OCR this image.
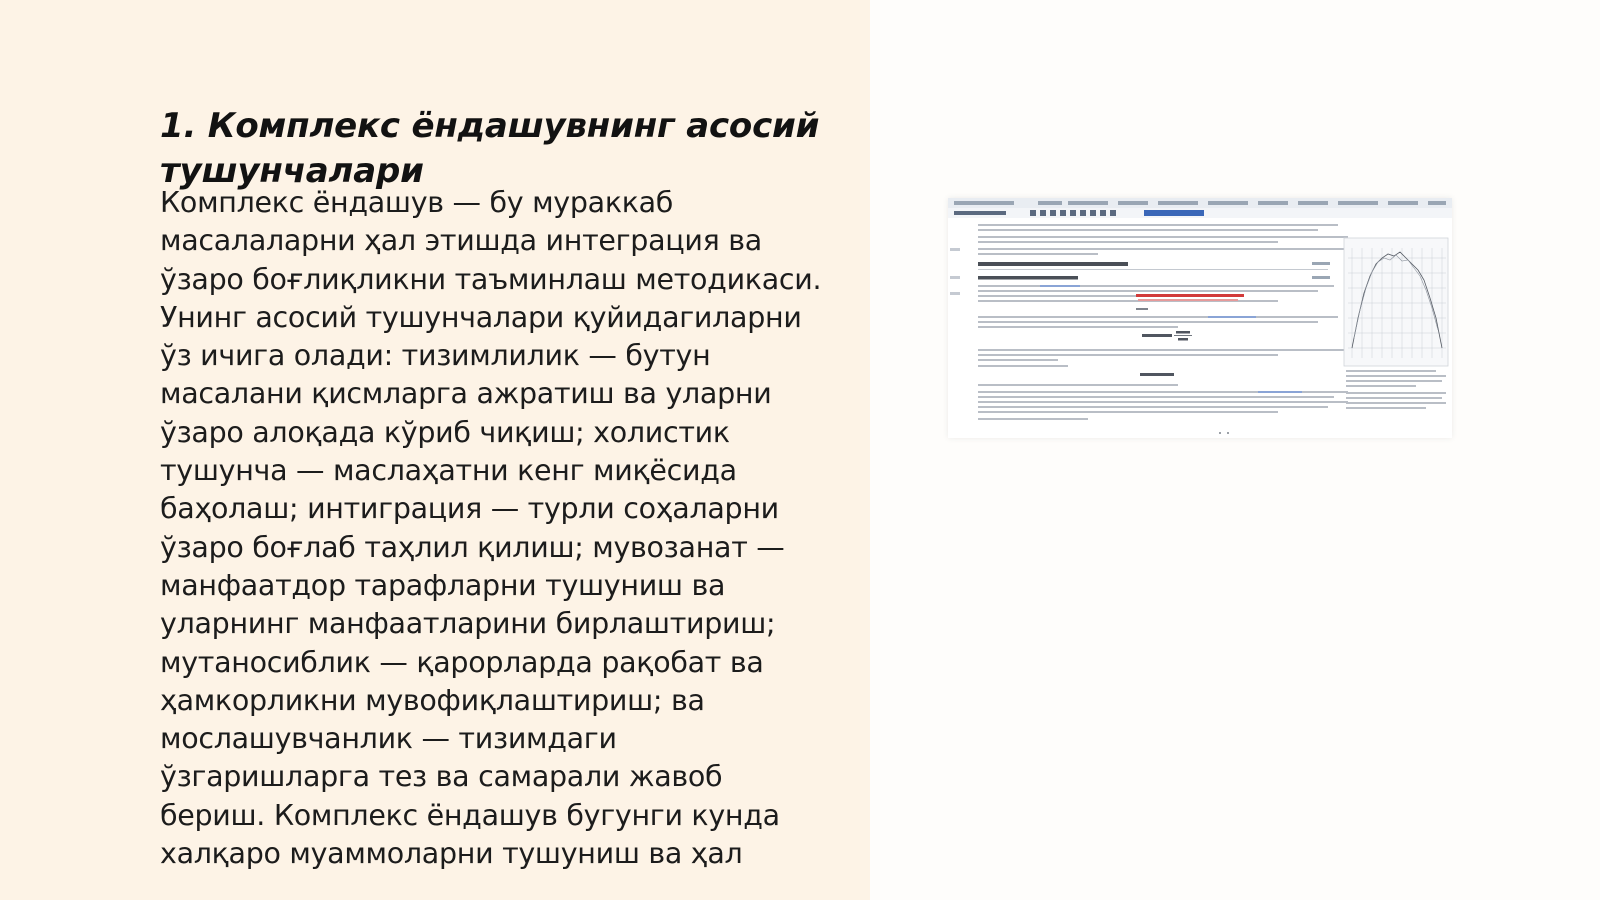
1. Комплекс ёндашувнинг асосий тушунчалари

Комплекс ёндашув — бу мураккаб масалаларни ҳал этишда интеграция ва ўзаро боғлиқликни таъминлаш методикаси. Унинг асосий тушунчалари қуйидагиларни ўз ичига олади: тизимлилик — бутун масалани қисмларга ажратиш ва уларни ўзаро алоқада кўриб чиқиш; холистик тушунча — маслаҳатни кенг миқёсида баҳолаш; интиграция — турли соҳаларни ўзаро боғлаб таҳлил қилиш; мувозанат — манфаатдор тарафларни тушуниш ва уларнинг манфаатларини бирлаштириш; мутаносиблик — қарорларда рақобат ва ҳамкорликни мувофиқлаштириш; ва мослашувчанлик — тизимдаги ўзгаришларга тез ва самарали жавоб бериш. Комплекс ёндашув бугунги кунда халқаро муаммоларни тушуниш ва ҳал
